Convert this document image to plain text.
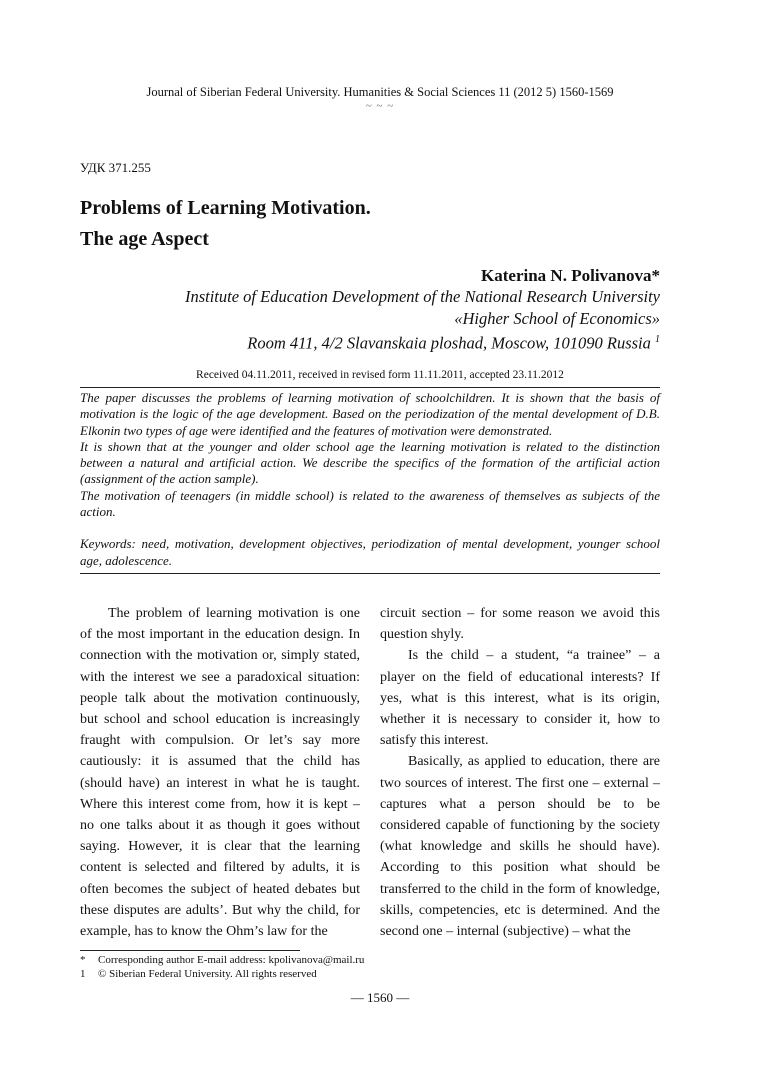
Journal of Siberian Federal University. Humanities & Social Sciences 11 (2012 5) 1560-1569
~ ~ ~
УДК 371.255
Problems of Learning Motivation.
The age Aspect
Katerina N. Polivanova*
Institute of Education Development of the National Research University
«Higher School of Economics»
Room 411, 4/2 Slavanskaia ploshad, Moscow, 101090 Russia $^1$
Received 04.11.2011, received in revised form 11.11.2011, accepted 23.11.2012

The paper discusses the problems of learning motivation of schoolchildren. It is shown that the basis of motivation is the logic of the age development. Based on the periodization of the mental development of D.B. Elkonin two types of age were identified and the features of motivation were demonstrated.

It is shown that at the younger and older school age the learning motivation is related to the distinction between a natural and artificial action. We describe the specifics of the formation of the artificial action (assignment of the action sample).

The motivation of teenagers (in middle school) is related to the awareness of themselves as subjects of the action.

Keywords: need, motivation, development objectives, periodization of mental development, younger school age, adolescence.

The problem of learning motivation is one of the most important in the education design. In connection with the motivation or, simply stated, with the interest we see a paradoxical situation: people talk about the motivation continuously, but school and school education is increasingly fraught with compulsion. Or let’s say more cautiously: it is assumed that the child has (should have) an interest in what he is taught. Where this interest come from, how it is kept – no one talks about it as though it goes without saying. However, it is clear that the learning content is selected and filtered by adults, it is often becomes the subject of heated debates but these disputes are adults’. But why the child, for example, has to know the Ohm’s law for the

circuit section – for some reason we avoid this question shyly.

Is the child – a student, “a trainee” – a player on the field of educational interests? If yes, what is this interest, what is its origin, whether it is necessary to consider it, how to satisfy this interest.

Basically, as applied to education, there are two sources of interest. The first one – external – captures what a person should be to be considered capable of functioning by the society (what knowledge and skills he should have). According to this position what should be transferred to the child in the form of knowledge, skills, competencies, etc is determined. And the second one – internal (subjective) – what the

* Corresponding author E-mail address: kpolivanova@mail.ru
1 © Siberian Federal University. All rights reserved
— 1560 —
